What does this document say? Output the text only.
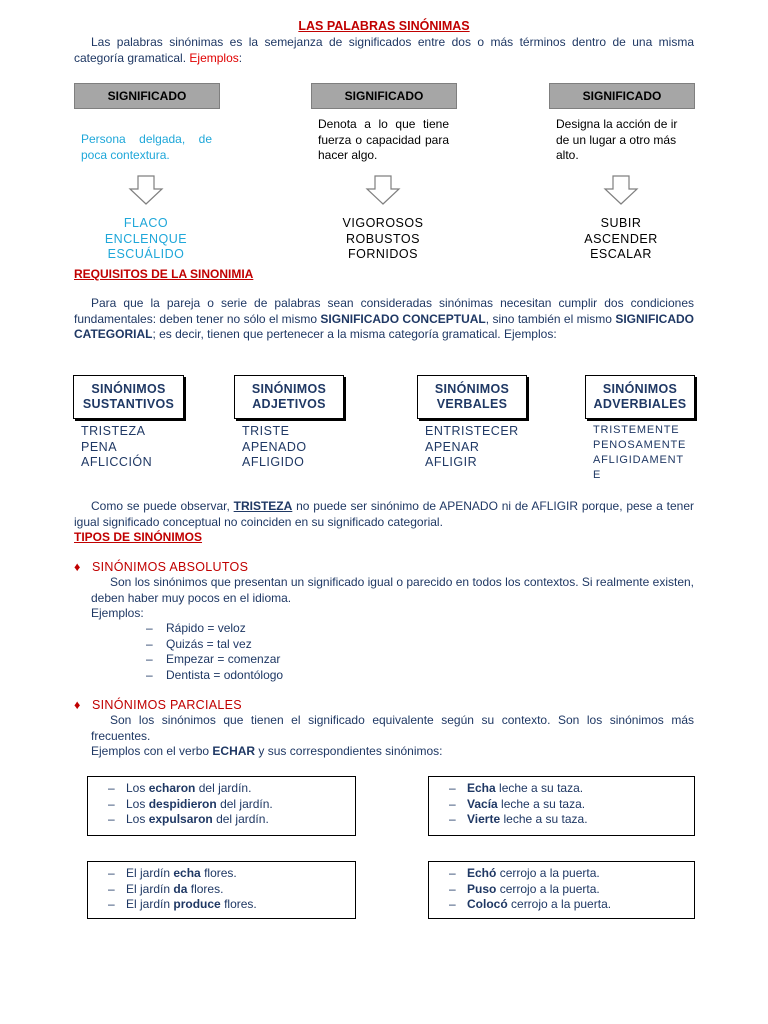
LAS PALABRAS SINÓNIMAS
Las palabras sinónimas es la semejanza de significados entre dos o más términos dentro de una misma categoría gramatical. Ejemplos:
SIGNIFICADO	SIGNIFICADO	SIGNIFICADO
Persona delgada, de poca contextura.
Denota a lo que tiene fuerza o capacidad para hacer algo.
Designa la acción de ir de un lugar a otro más alto.
FLACO
ENCLENQUE
ESCUÁLIDO
VIGOROSOS
ROBUSTOS
FORNIDOS
SUBIR
ASCENDER
ESCALAR
REQUISITOS DE LA SINONIMIA
Para que la pareja o serie de palabras sean consideradas sinónimas necesitan cumplir dos condiciones fundamentales: deben tener no sólo el mismo SIGNIFICADO CONCEPTUAL, sino también el mismo SIGNIFICADO CATEGORIAL; es decir, tienen que pertenecer a la misma categoría gramatical. Ejemplos:
SINÓNIMOS
SUSTANTIVOS
SINÓNIMOS
ADJETIVOS
SINÓNIMOS
VERBALES
SINÓNIMOS
ADVERBIALES
TRISTEZA
PENA
AFLICCIÓN
TRISTE
APENADO
AFLIGIDO
ENTRISTECER
APENAR
AFLIGIR
TRISTEMENTE
PENOSAMENTE
AFLIGIDAMENT
E
Como se puede observar, TRISTEZA no puede ser sinónimo de APENADO ni de AFLIGIR porque, pese a tener igual significado conceptual no coinciden en su significado categorial.
TIPOS DE SINÓNIMOS
♦ SINÓNIMOS ABSOLUTOS
Son los sinónimos que presentan un significado igual o parecido en todos los contextos. Si realmente existen, deben haber muy pocos en el idioma.
Ejemplos:
– Rápido = veloz
– Quizás = tal vez
– Empezar = comenzar
– Dentista = odontólogo
♦ SINÓNIMOS PARCIALES
Son los sinónimos que tienen el significado equivalente según su contexto. Son los sinónimos más frecuentes.
Ejemplos con el verbo ECHAR y sus correspondientes sinónimos:
– Los echaron del jardín.
– Los despidieron del jardín.
– Los expulsaron del jardín.
– Echa leche a su taza.
– Vacía leche a su taza.
– Vierte leche a su taza.
– El jardín echa flores.
– El jardín da flores.
– El jardín produce flores.
– Echó cerrojo a la puerta.
– Puso cerrojo a la puerta.
– Colocó cerrojo a la puerta.
